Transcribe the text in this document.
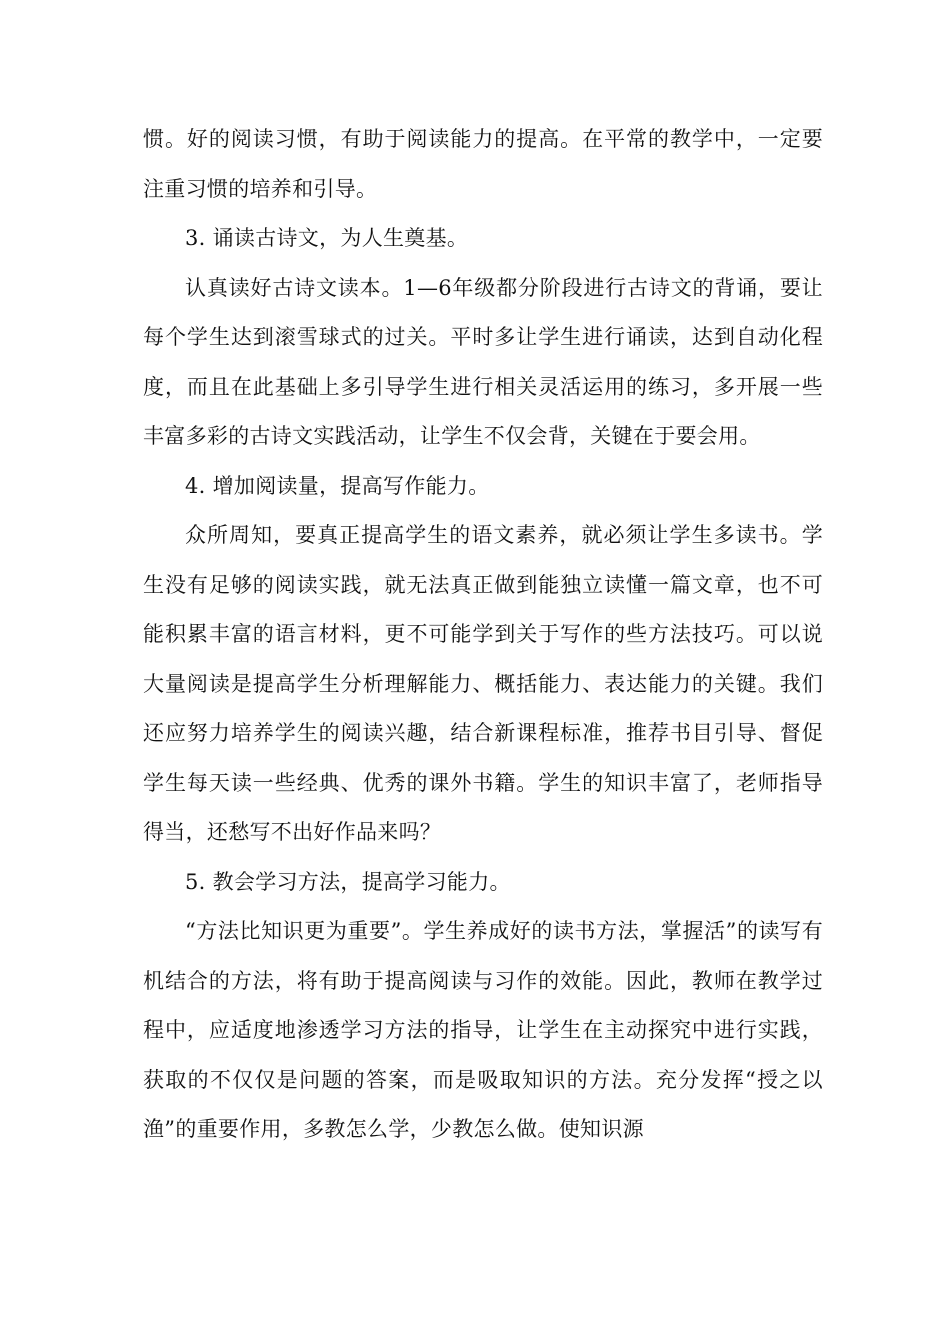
惯。好的阅读习惯，有助于阅读能力的提高。在平常的教学中，一定要注重习惯的培养和引导。

3. 诵读古诗文，为人生奠基。

认真读好古诗文读本。1—6年级都分阶段进行古诗文的背诵，要让每个学生达到滚雪球式的过关。平时多让学生进行诵读，达到自动化程度，而且在此基础上多引导学生进行相关灵活运用的练习，多开展一些丰富多彩的古诗文实践活动，让学生不仅会背，关键在于要会用。

4. 增加阅读量，提高写作能力。

众所周知，要真正提高学生的语文素养，就必须让学生多读书。学生没有足够的阅读实践，就无法真正做到能独立读懂一篇文章，也不可能积累丰富的语言材料，更不可能学到关于写作的些方法技巧。可以说大量阅读是提高学生分析理解能力、概括能力、表达能力的关键。我们还应努力培养学生的阅读兴趣，结合新课程标准，推荐书目引导、督促学生每天读一些经典、优秀的课外书籍。学生的知识丰富了，老师指导得当，还愁写不出好作品来吗？

5. 教会学习方法，提高学习能力。

“方法比知识更为重要”。学生养成好的读书方法，掌握活”的读写有机结合的方法，将有助于提高阅读与习作的效能。因此，教师在教学过程中，应适度地渗透学习方法的指导，让学生在主动探究中进行实践，获取的不仅仅是问题的答案，而是吸取知识的方法。充分发挥“授之以渔”的重要作用，多教怎么学，少教怎么做。使知识源
